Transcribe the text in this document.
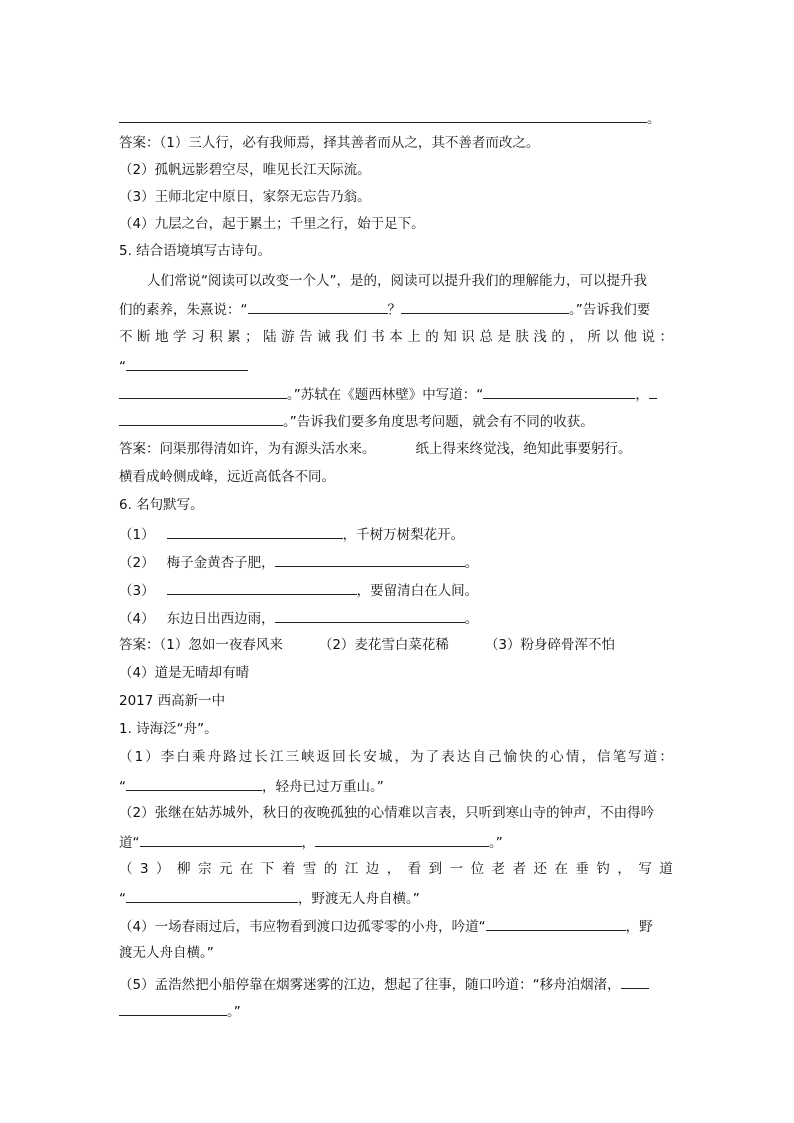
。
答案：（1）三人行，必有我师焉，择其善者而从之，其不善者而改之。
（2）孤帆远影碧空尽，唯见长江天际流。
（3）王师北定中原日，家祭无忘告乃翁。
（4）九层之台，起于累土；千里之行，始于足下。
5. 结合语境填写古诗句。
人们常说“阅读可以改变一个人”，是的，阅读可以提升我们的理解能力，可以提升我
们的素养，朱熹说：“	？	。”告诉我们要
不 断 地 学 习 积 累 ； 陆 游 告 诫 我 们 书 本 上 的 知 识 总 是 肤 浅 的 ， 所 以 他 说 ：
“
。”苏轼在《题西林壁》中写道：“	，
。”告诉我们要多角度思考问题，就会有不同的收获。
答案：问渠那得清如许，为有源头活水来。	纸上得来终觉浅，绝知此事要躬行。
横看成岭侧成峰，远近高低各不同。
6. 名句默写。
（1）	，千树万树梨花开。
（2） 梅子金黄杏子肥，	。
（3）	，要留清白在人间。
（4） 东边日出西边雨，	。
答案：（1）忽如一夜春风来	（2）麦花雪白菜花稀	（3）粉身碎骨浑不怕
（4）道是无晴却有晴
2017 西高新一中
1. 诗海泛“舟”。
（ 1 ） 李 白 乘 舟 路 过 长 江 三 峡 返 回 长 安 城 ， 为 了 表 达 自 己 愉 快 的 心 情 ， 信 笔 写 道 ：
“	，轻舟已过万重山。”
（2）张继在姑苏城外，秋日的夜晚孤独的心情难以言表，只听到寒山寺的钟声，不由得吟
道“	，	。”
（ 3 ） 柳 宗 元 在 下 着 雪 的 江 边 ， 看 到 一 位 老 者 还 在 垂 钓 ， 写 道
“	，野渡无人舟自横。”
（4）一场春雨过后，韦应物看到渡口边孤零零的小舟，吟道“	，野
渡无人舟自横。”
（5）孟浩然把小船停靠在烟雾迷雾的江边，想起了往事，随口吟道：“移舟泊烟渚，
。”
